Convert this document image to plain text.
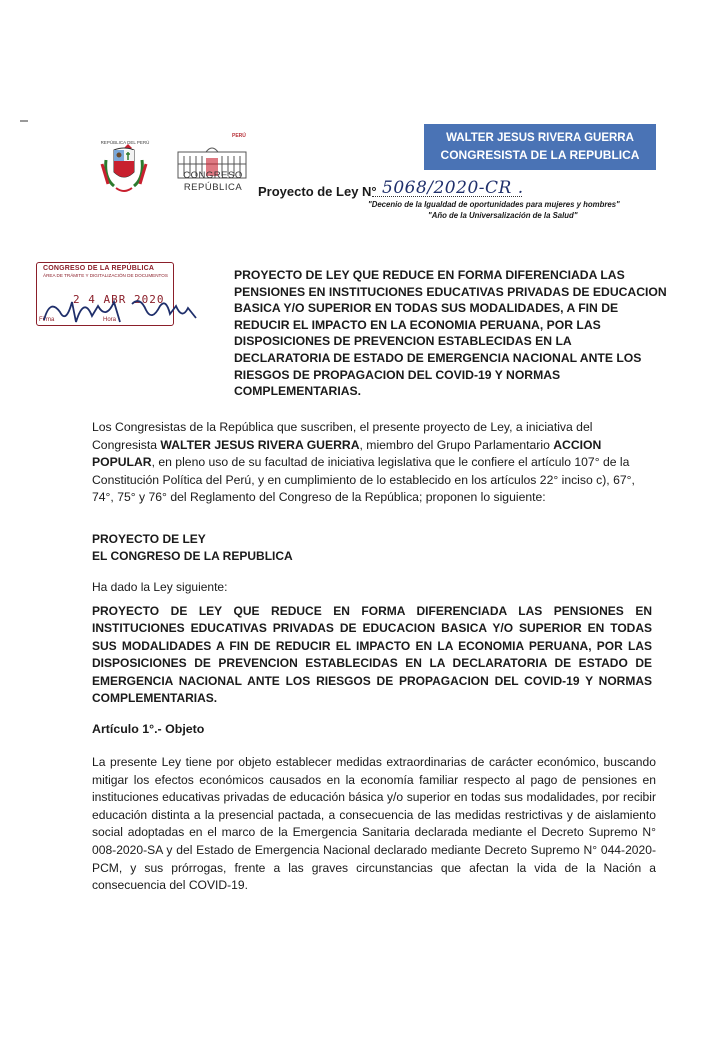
REPÚBLICA DEL PERÚ
PERÚ
CONGRESO
REPÚBLICA
WALTER JESUS RIVERA GUERRA
CONGRESISTA DE LA REPUBLICA
Proyecto de Ley N° 5068/2020-CR .
"Decenio de la Igualdad de oportunidades para mujeres y hombres"
"Año de la Universalización de la Salud"
CONGRESO DE LA REPÚBLICA
ÁREA DE TRÁMITE Y DIGITALIZACIÓN DE DOCUMENTOS
2 4 ABR 2020
Firma	Hora
PROYECTO DE LEY QUE REDUCE EN FORMA DIFERENCIADA LAS PENSIONES EN INSTITUCIONES EDUCATIVAS PRIVADAS DE EDUCACION BASICA Y/O SUPERIOR EN TODAS SUS MODALIDADES, A FIN DE REDUCIR EL IMPACTO EN LA ECONOMIA PERUANA, POR LAS DISPOSICIONES DE PREVENCION ESTABLECIDAS EN LA DECLARATORIA DE ESTADO DE EMERGENCIA NACIONAL ANTE LOS RIESGOS DE PROPAGACION DEL COVID-19 Y NORMAS COMPLEMENTARIAS.
Los Congresistas de la República que suscriben, el presente proyecto de Ley, a iniciativa del Congresista WALTER JESUS RIVERA GUERRA, miembro del Grupo Parlamentario ACCION POPULAR, en pleno uso de su facultad de iniciativa legislativa que le confiere el artículo 107° de la Constitución Política del Perú, y en cumplimiento de lo establecido en los artículos 22° inciso c), 67°, 74°, 75° y 76° del Reglamento del Congreso de la República; proponen lo siguiente:
PROYECTO DE LEY
EL CONGRESO DE LA REPUBLICA
Ha dado la Ley siguiente:
PROYECTO DE LEY QUE REDUCE EN FORMA DIFERENCIADA LAS PENSIONES EN INSTITUCIONES EDUCATIVAS PRIVADAS DE EDUCACION BASICA Y/O SUPERIOR EN TODAS SUS MODALIDADES A FIN DE REDUCIR EL IMPACTO EN LA ECONOMIA PERUANA, POR LAS DISPOSICIONES DE PREVENCION ESTABLECIDAS EN LA DECLARATORIA DE ESTADO DE EMERGENCIA NACIONAL ANTE LOS RIESGOS DE PROPAGACION DEL COVID-19 Y NORMAS COMPLEMENTARIAS.
Artículo 1°.- Objeto
La presente Ley tiene por objeto establecer medidas extraordinarias de carácter económico, buscando mitigar los efectos económicos causados en la economía familiar respecto al pago de pensiones en instituciones educativas privadas de educación básica y/o superior en todas sus modalidades, por recibir educación distinta a la presencial pactada, a consecuencia de las medidas restrictivas y de aislamiento social adoptadas en el marco de la Emergencia Sanitaria declarada mediante el Decreto Supremo N° 008-2020-SA y del Estado de Emergencia Nacional declarado mediante Decreto Supremo N° 044-2020-PCM, y sus prórrogas, frente a las graves circunstancias que afectan la vida de la Nación a consecuencia del COVID-19.
